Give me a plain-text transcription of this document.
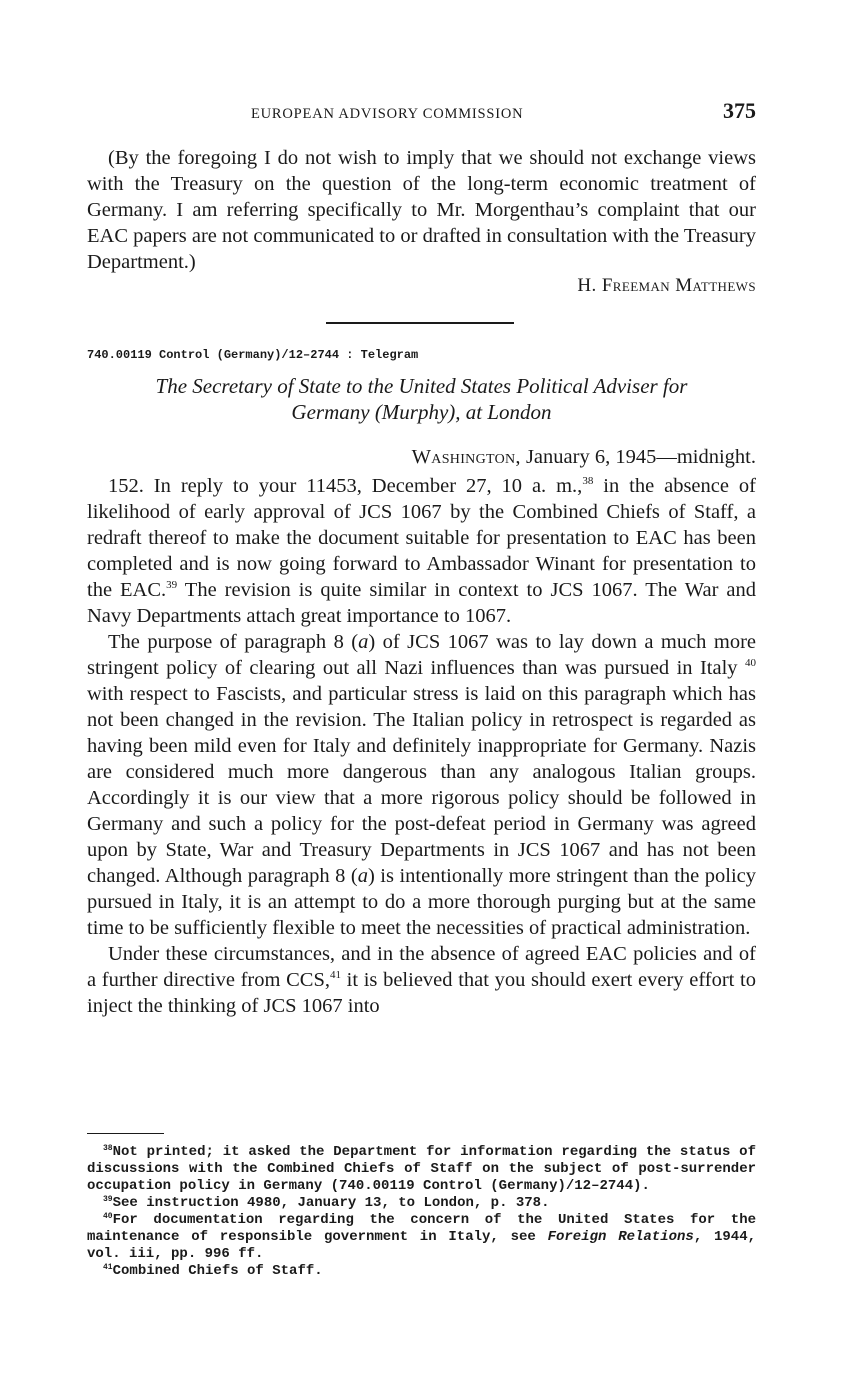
EUROPEAN ADVISORY COMMISSION	375

(By the foregoing I do not wish to imply that we should not exchange views with the Treasury on the question of the long-term economic treatment of Germany. I am referring specifically to Mr. Morgenthau’s complaint that our EAC papers are not communicated to or drafted in consultation with the Treasury Department.)

H. Freeman Matthews
740.00119 Control (Germany)/12–2744 : Telegram
The Secretary of State to the United States Political Adviser for
Germany (Murphy), at London
Washington, January 6, 1945—midnight.

152. In reply to your 11453, December 27, 10 a. m.,$^{38}$ in the absence of likelihood of early approval of JCS 1067 by the Combined Chiefs of Staff, a redraft thereof to make the document suitable for presentation to EAC has been completed and is now going forward to Ambassador Winant for presentation to the EAC.$^{39}$ The revision is quite similar in context to JCS 1067. The War and Navy Departments attach great importance to 1067.

The purpose of paragraph 8 (a) of JCS 1067 was to lay down a much more stringent policy of clearing out all Nazi influences than was pursued in Italy $^{40}$ with respect to Fascists, and particular stress is laid on this paragraph which has not been changed in the revision. The Italian policy in retrospect is regarded as having been mild even for Italy and definitely inappropriate for Germany. Nazis are considered much more dangerous than any analogous Italian groups. Accordingly it is our view that a more rigorous policy should be followed in Germany and such a policy for the post-defeat period in Germany was agreed upon by State, War and Treasury Departments in JCS 1067 and has not been changed. Although paragraph 8 (a) is intentionally more stringent than the policy pursued in Italy, it is an attempt to do a more thorough purging but at the same time to be sufficiently flexible to meet the necessities of practical administration.

Under these circumstances, and in the absence of agreed EAC policies and of a further directive from CCS,$^{41}$ it is believed that you should exert every effort to inject the thinking of JCS 1067 into

$^{38}$Not printed; it asked the Department for information regarding the status of discussions with the Combined Chiefs of Staff on the subject of post-surrender occupation policy in Germany (740.00119 Control (Germany)/12–2744).

$^{39}$See instruction 4980, January 13, to London, p. 378.

$^{40}$For documentation regarding the concern of the United States for the maintenance of responsible government in Italy, see Foreign Relations, 1944, vol. iii, pp. 996 ff.

$^{41}$Combined Chiefs of Staff.
